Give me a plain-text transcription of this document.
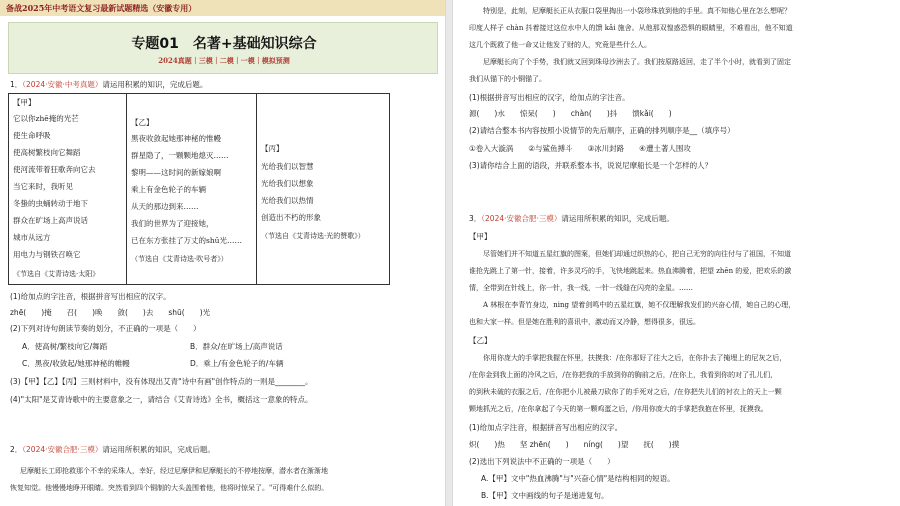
备战2025年中考语文复习最新试题精选（安徽专用）
专题01　名著+基础知识综合
2024真题｜三模｜二模｜一模｜模拟预测
1．（2024·安徽·中考真题）请运用积累的知识，完成后题。
【甲】
它以你zhē掩的光芒
使生命呼吸
使高树繁枝向它舞蹈
使河流带着狂歌奔向它去
当它来时，我听见
冬蛰的虫蛹转动于地下
群众在旷场上高声说话
城市从远方
用电力与钢铁召唤它
《节选自《艾青诗选·太阳》
【乙】
黑夜收敛起她那神秘的惟幔
群星隐了，一颗颗地熄灭……
黎明——这时间的新嫁娘啊
乘上有金色轮子的车辆
从天的那边到来……
我们的世界为了迎接她，
已在东方张挂了万丈的shū光……
（节选自《艾青诗选·吹号者》）
【丙】
光给我们以智慧
光给我们以想象
光给我们以热情
创造出不朽的形象
（节选自《艾青诗选·光的赞歌》）
(1)给加点的字注音，根据拼音写出相应的汉字。
zhē(　　)掩　　召(　　)唤　　敛(　　)去　　shū(　　)光
(2)下列对诗句朗读节奏的划分，不正确的一项是（　　）
A．使高树/繁枝向它/舞蹈	B．群众/在旷场上/高声说话
C．黑夜/收敛起/她那神秘的帷幔	D．乘上/有金色轮子的/车辆
(3)【甲】【乙】【丙】三则材料中，没有体现出艾青"诗中有画"创作特点的一则是________。
(4)"太阳"是艾青诗歌中的主要意象之一，请结合《艾青诗选》全书，概括这一意象的特点。
2．（2024·安徽合肥·三模）请运用所积累的知识，完成后题。
尼摩艇长工即抢救那个不幸的采珠人，幸好，经过尼摩伊和尼摩艇长的不停地按摩，潜水者在渐渐地
恢复知觉。他慢慢地睁开眼睛。突然看到四个铜制的大头盖围着他，他将时惊呆了。"可得难什么似的。
特别是，此刻，尼摩艇长正从衣服口袋里掏出一小袋珍珠放到他的手里。真不知他心里在怎么想呢？
印度人样子 chàn 抖着接过这位水中人的馈 kǎi 施舍。从他那双惶惑恐惧的眼睛里，不难看出，他不知道
这几个既救了他一命又让他发了财的人，究竟是些什么人。
尼摩艇长向了个手势，我们就又回到珠母沙洲去了。我们按原路返回，走了半个小时，就看到了固定
我们从锚下的小铜锚了。
(1)根据拼音写出相应的汉字，给加点的字注音。
源(　　)水　　惊呆(　　)　　chàn(　　)抖　　馈kǎi(　　)
(2)请结合整本书内容按照小说情节的先后顺序，正确的排列顺序是__（填序号）
①卷入大漩涡　　②与鲨鱼搏斗　　③冰川封路　　④遭土著人围攻
(3)请你结合上面的语段，并联系整本书，说说尼摩船长是一个怎样的人？
3．（2024·安徽合肥·三模）请运用所积累的知识，完成后题。
【甲】
尽管她们并不知道五星红旗的图案，但她们却通过织热的心，把自己无穷的向往付与了祖国，不知道
谁抢先跳上了第一针，接着，许多灵巧的手，飞快地跳起来。热血沸腾着，把望 zhēn 的爱，把欢乐的激
情，全带到在针线上，你一针，我一线，一针一线缝在闪亮的金星。……
A 林根在李青竹身边，ning 望着剑鸣中的五星红旗，她不仅理解我发们的兴奋心情，她自己的心理，
也和大家一样。但是她在胜利的喜讯中，激动而又冷静，想得很多，很远。
【乙】
你用你庞大的手掌把我握在怀里，扶摸我：/在你那好了往大之后，在你扑去了掩埋上的尼灰之后，
/在你金到我上面的冷风之后，/在你把我的手放到你的胸前之后，/在你上，我看到你的对了孔儿们，
的到秋未破的衣服之后，/在你把小儿被最刀砍你了的手死对之后，/在你把失儿们的衬衣上的天上一颗
颗地抓光之后，/在你拿起了今天的第一颗鸡蛋之后，/你用你庞大的手掌把我抱在怀里，抚摸我。
(1)给加点字注音，根据拼音写出相应的汉字。
炽(　　)热　　坚 zhēn(　　)　　níng(　　)望　　抚(　　)摸
(2)选出下列说法中不正确的一项是（　　）
A.【甲】文中"热血沸腾"与"兴奋心情"是结构相同的短语。
B.【甲】文中画线的句子是递进复句。
